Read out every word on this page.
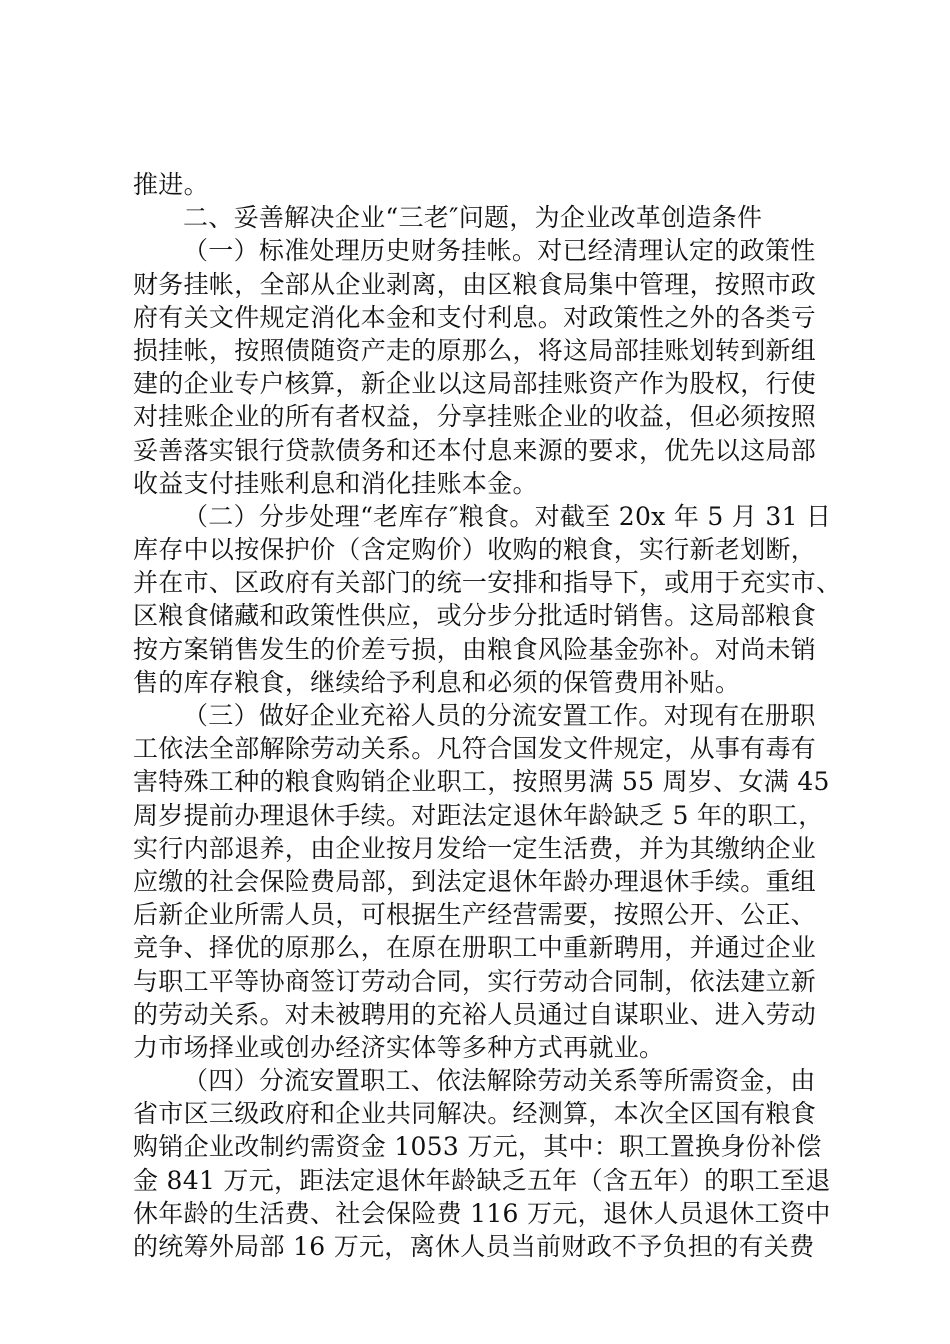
推进。
二、妥善解决企业“三老″问题，为企业改革创造条件
（一）标准处理历史财务挂帐。对已经清理认定的政策性
财务挂帐，全部从企业剥离，由区粮食局集中管理，按照市政
府有关文件规定消化本金和支付利息。对政策性之外的各类亏
损挂帐，按照债随资产走的原那么，将这局部挂账划转到新组
建的企业专户核算，新企业以这局部挂账资产作为股权，行使
对挂账企业的所有者权益，分享挂账企业的收益，但必须按照
妥善落实银行贷款债务和还本付息来源的要求，优先以这局部
收益支付挂账利息和消化挂账本金。
（二）分步处理“老库存″粮食。对截至 20x 年 5 月 31 日
库存中以按保护价（含定购价）收购的粮食，实行新老划断，
并在市、区政府有关部门的统一安排和指导下，或用于充实市、
区粮食储藏和政策性供应，或分步分批适时销售。这局部粮食
按方案销售发生的价差亏损，由粮食风险基金弥补。对尚未销
售的库存粮食，继续给予利息和必须的保管费用补贴。
（三）做好企业充裕人员的分流安置工作。对现有在册职
工依法全部解除劳动关系。凡符合国发文件规定，从事有毒有
害特殊工种的粮食购销企业职工，按照男满 55 周岁、女满 45
周岁提前办理退休手续。对距法定退休年龄缺乏 5 年的职工，
实行内部退养，由企业按月发给一定生活费，并为其缴纳企业
应缴的社会保险费局部，到法定退休年龄办理退休手续。重组
后新企业所需人员，可根据生产经营需要，按照公开、公正、
竞争、择优的原那么，在原在册职工中重新聘用，并通过企业
与职工平等协商签订劳动合同，实行劳动合同制，依法建立新
的劳动关系。对未被聘用的充裕人员通过自谋职业、进入劳动
力市场择业或创办经济实体等多种方式再就业。
（四）分流安置职工、依法解除劳动关系等所需资金，由
省市区三级政府和企业共同解决。经测算，本次全区国有粮食
购销企业改制约需资金 1053 万元，其中：职工置换身份补偿
金 841 万元，距法定退休年龄缺乏五年（含五年）的职工至退
休年龄的生活费、社会保险费 116 万元，退休人员退休工资中
的统筹外局部 16 万元，离休人员当前财政不予负担的有关费
